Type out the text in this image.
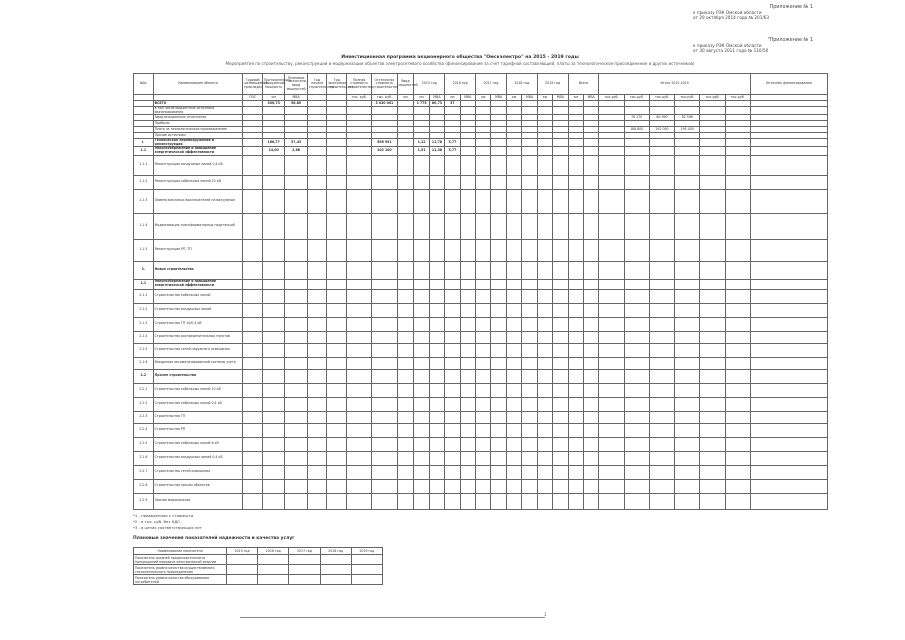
Приложение № 1
к приказу РЭК Омской области
от 29 октября 2014 года № 201/63
"Приложение № 1
к приказу РЭК Омской области
от 30 августа 2011 года № 110/50
Инвестиционная программа акционерного общества "Омскэлектро" на 2015 - 2019 годы
Мероприятия по строительству, реконструкции и модернизации объектов электросетевого хозяйства (финансирование за счет тарифной составляющей, платы за технологическое присоединение и других источников)
№№	Наименование объекта	Годовой размещаемой прокладки	Протяженность, сооружение, мощность	Плановые показатели, ввод мощностей	Год начала строительства	Год окончания строительства	Полная стоимость строительства	Остаточная стоимость строительства	Ввод мощностей	2015 год		2016 год		2017 год		2018 год		2019 год		Всего		Итого 2015-2019						Источник финансирования
		ОЭС	км	МВА			тыс. руб.	тыс. руб.	км	км	МВА	км	МВА	км	МВА	км	МВА	км	МВА	км	МВА	тыс.руб.	тыс.руб.	тыс.руб.	тыс.руб.	тыс.руб.	тыс.руб.	
	ВСЕГО		300,73	58,80				3 020 001		1 775	80,73	37																
	в том числе бюджетные источники финансирования																											
	Амортизационные отчисления																						78 270	80 990	82 596			
	Прибыль																											
	Плата за технологическое присоединение																						188 800	192 050	195 450			
	Прочие источники																											
I.	Техническое перевооружение и реконструкция		166,77	37,43				896 991		1,12	11,78	3,77																
1.1	Энергосбережение и повышение энергетической эффективности		14,00	2,68				102 100		1,51	11,38	3,77																
1.1.1	Реконструкция воздушных линий 0,4 кВ																											
1.1.2	Реконструкция кабельных линий 10 кВ																											
1.1.3	Замена масляных выключателей на вакуумные																											
1.1.4	Модернизация трансформаторных подстанций																											
1.1.5	Реконструкция РП, ТП																											
2.	Новое строительство																											
2.1	Энергосбережение и повышение энергетической эффективности																											
2.1.1	Строительство кабельных линий																											
2.1.2	Строительство воздушных линий																											
2.1.3	Строительство ТП 10/0,4 кВ																											
2.1.4	Строительство распределительных пунктов																											
2.1.5	Строительство сетей наружного освещения																											
2.1.6	Внедрение автоматизированной системы учета																											
2.2	Прочее строительство																											
2.2.1	Строительство кабельных линий 10 кВ																											
2.2.2	Строительство кабельных линий 0,4 кВ																											
2.2.3	Строительство ТП																											
2.2.4	Строительство РП																											
2.2.5	Строительство кабельных линий 6 кВ																											
2.2.6	Строительство воздушных линий 0,4 кВ																											
2.2.7	Строительство сетей освещения																											
2.2.8	Строительство прочих объектов																											
2.2.9	Прочие мероприятия																											
*1 - приведенная к стоимости
*2 - в тыс. руб. без НДС
*3 - в ценах соответствующих лет
Плановые значения показателей надежности и качества услуг
Наименование показателя	2015 год	2016 год	2017 год	2018 год	2019 год
Показатель средней продолжительности прекращений передачи электрической энергии					
Показатель уровня качества осуществляемого технологического присоединения					
Показатель уровня качества обслуживания потребителей					
1
